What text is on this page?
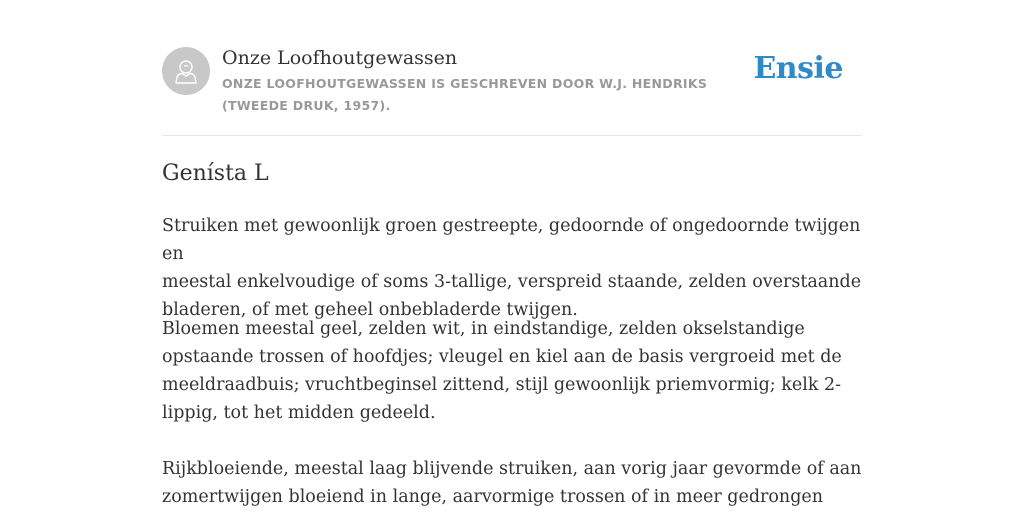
Onze Loofhoutgewassen
ONZE LOOFHOUTGEWASSEN IS GESCHREVEN DOOR W.J. HENDRIKS (TWEEDE DRUK, 1957).
Ensie
Genísta L

Struiken met gewoonlijk groen gestreepte, gedoornde of ongedoornde twijgen en
meestal enkelvoudige of soms 3-tallige, verspreid staande, zelden overstaande
bladeren, of met geheel onbebladerde twijgen.

Bloemen meestal geel, zelden wit, in eindstandige, zelden okselstandige
opstaande trossen of hoofdjes; vleugel en kiel aan de basis vergroeid met de
meeldraadbuis; vruchtbeginsel zittend, stijl gewoonlijk priemvormig; kelk 2-
lippig, tot het midden gedeeld.

Rijkbloeiende, meestal laag blijvende struiken, aan vorig jaar gevormde of aan
zomertwijgen bloeiend in lange, aarvormige trossen of in meer gedrongen
